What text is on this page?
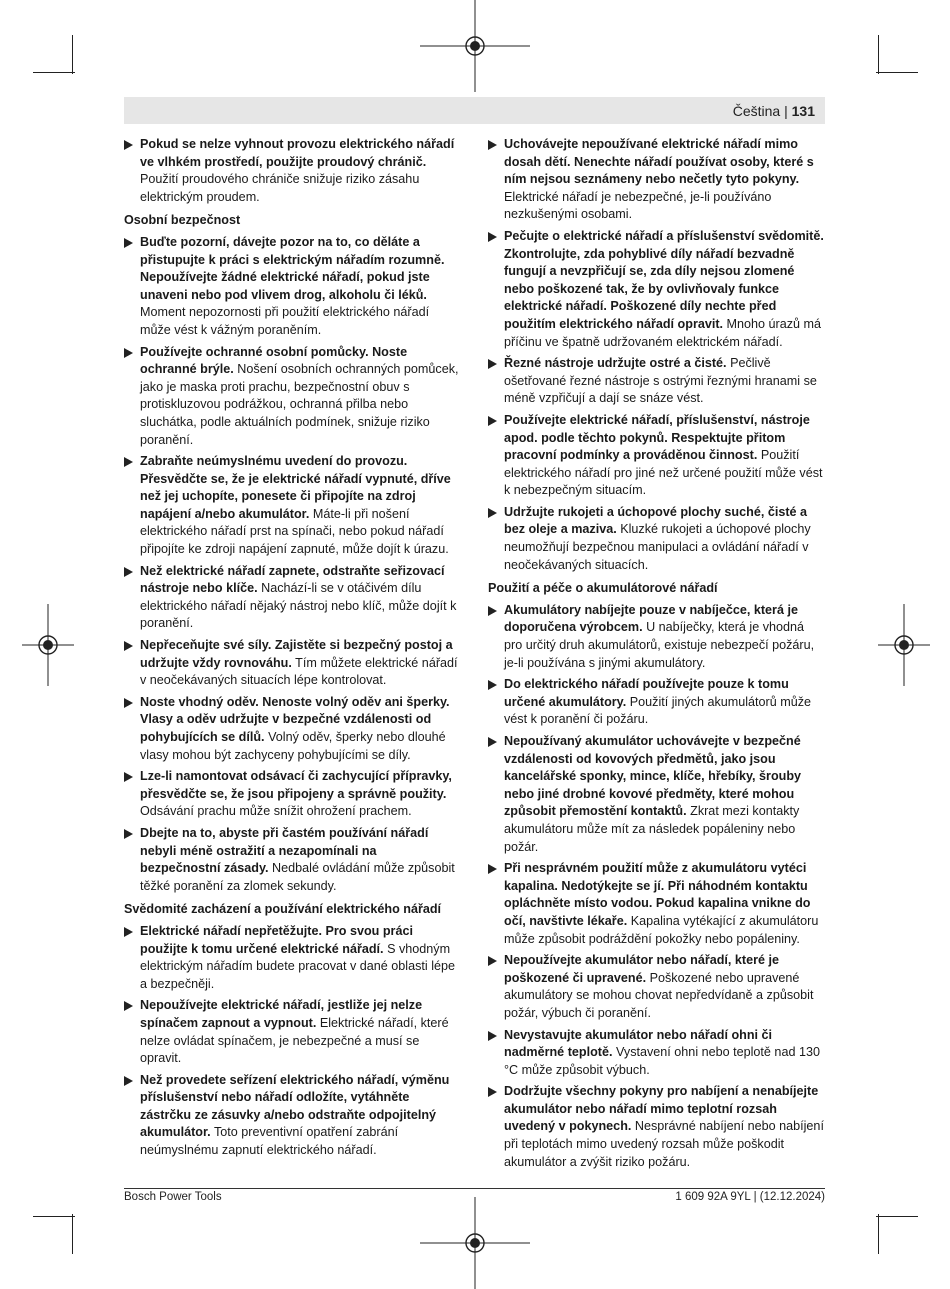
Čeština | 131
Pokud se nelze vyhnout provozu elektrického nářadí ve vlhkém prostředí, použijte proudový chránič. Použití proudového chrániče snižuje riziko zásahu elektrickým proudem.
Osobní bezpečnost
Buďte pozorní, dávejte pozor na to, co děláte a přistupujte k práci s elektrickým nářadím rozumně. Nepoužívejte žádné elektrické nářadí, pokud jste unaveni nebo pod vlivem drog, alkoholu či léků. Moment nepozornosti při použití elektrického nářadí může vést k vážným poraněním.
Používejte ochranné osobní pomůcky. Noste ochranné brýle. Nošení osobních ochranných pomůcek, jako je maska proti prachu, bezpečnostní obuv s protiskluzovou podrážkou, ochranná přilba nebo sluchátka, podle aktuálních podmínek, snižuje riziko poranění.
Zabraňte neúmyslnému uvedení do provozu. Přesvědčte se, že je elektrické nářadí vypnuté, dříve než jej uchopíte, ponesete či připojíte na zdroj napájení a/nebo akumulátor. Máte-li při nošení elektrického nářadí prst na spínači, nebo pokud nářadí připojíte ke zdroji napájení zapnuté, může dojít k úrazu.
Než elektrické nářadí zapnete, odstraňte seřizovací nástroje nebo klíče. Nachází-li se v otáčivém dílu elektrického nářadí nějaký nástroj nebo klíč, může dojít k poranění.
Nepřeceňujte své síly. Zajistěte si bezpečný postoj a udržujte vždy rovnováhu. Tím můžete elektrické nářadí v neočekávaných situacích lépe kontrolovat.
Noste vhodný oděv. Nenoste volný oděv ani šperky. Vlasy a oděv udržujte v bezpečné vzdálenosti od pohybujících se dílů. Volný oděv, šperky nebo dlouhé vlasy mohou být zachyceny pohybujícími se díly.
Lze-li namontovat odsávací či zachycující přípravky, přesvědčte se, že jsou připojeny a správně použity. Odsávání prachu může snížit ohrožení prachem.
Dbejte na to, abyste při častém používání nářadí nebyli méně ostražití a nezapomínali na bezpečnostní zásady. Nedbalé ovládání může způsobit těžké poranění za zlomek sekundy.
Svědomité zacházení a používání elektrického nářadí
Elektrické nářadí nepřetěžujte. Pro svou práci použijte k tomu určené elektrické nářadí. S vhodným elektrickým nářadím budete pracovat v dané oblasti lépe a bezpečněji.
Nepoužívejte elektrické nářadí, jestliže jej nelze spínačem zapnout a vypnout. Elektrické nářadí, které nelze ovládat spínačem, je nebezpečné a musí se opravit.
Než provedete seřízení elektrického nářadí, výměnu příslušenství nebo nářadí odložíte, vytáhněte zástrčku ze zásuvky a/nebo odstraňte odpojitelný akumulátor. Toto preventivní opatření zabrání neúmyslnému zapnutí elektrického nářadí.
Uchovávejte nepoužívané elektrické nářadí mimo dosah dětí. Nenechte nářadí používat osoby, které s ním nejsou seznámeny nebo nečetly tyto pokyny. Elektrické nářadí je nebezpečné, je-li používáno nezkušenými osobami.
Pečujte o elektrické nářadí a příslušenství svědomitě. Zkontrolujte, zda pohyblivé díly nářadí bezvadně fungují a nevzpřičují se, zda díly nejsou zlomené nebo poškozené tak, že by ovlivňovaly funkce elektrické nářadí. Poškozené díly nechte před použitím elektrického nářadí opravit. Mnoho úrazů má příčinu ve špatně udržovaném elektrickém nářadí.
Řezné nástroje udržujte ostré a čisté. Pečlivě ošetřované řezné nástroje s ostrými řeznými hranami se méně vzpřičují a dají se snáze vést.
Používejte elektrické nářadí, příslušenství, nástroje apod. podle těchto pokynů. Respektujte přitom pracovní podmínky a prováděnou činnost. Použití elektrického nářadí pro jiné než určené použití může vést k nebezpečným situacím.
Udržujte rukojeti a úchopové plochy suché, čisté a bez oleje a maziva. Kluzké rukojeti a úchopové plochy neumožňují bezpečnou manipulaci a ovládání nářadí v neočekávaných situacích.
Použití a péče o akumulátorové nářadí
Akumulátory nabíjejte pouze v nabíječce, která je doporučena výrobcem. U nabíječky, která je vhodná pro určitý druh akumulátorů, existuje nebezpečí požáru, je-li používána s jinými akumulátory.
Do elektrického nářadí používejte pouze k tomu určené akumulátory. Použití jiných akumulátorů může vést k poranění či požáru.
Nepoužívaný akumulátor uchovávejte v bezpečné vzdálenosti od kovových předmětů, jako jsou kancelářské sponky, mince, klíče, hřebíky, šrouby nebo jiné drobné kovové předměty, které mohou způsobit přemostění kontaktů. Zkrat mezi kontakty akumulátoru může mít za následek popáleniny nebo požár.
Při nesprávném použití může z akumulátoru vytéci kapalina. Nedotýkejte se jí. Při náhodném kontaktu opláchněte místo vodou. Pokud kapalina vnikne do očí, navštivte lékaře. Kapalina vytékající z akumulátoru může způsobit podráždění pokožky nebo popáleniny.
Nepoužívejte akumulátor nebo nářadí, které je poškozené či upravené. Poškozené nebo upravené akumulátory se mohou chovat nepředvídaně a způsobit požár, výbuch či poranění.
Nevystavujte akumulátor nebo nářadí ohni či nadměrné teplotě. Vystavení ohni nebo teplotě nad 130 °C může způsobit výbuch.
Dodržujte všechny pokyny pro nabíjení a nenabíjejte akumulátor nebo nářadí mimo teplotní rozsah uvedený v pokynech. Nesprávné nabíjení nebo nabíjení při teplotách mimo uvedený rozsah může poškodit akumulátor a zvýšit riziko požáru.
Bosch Power Tools	1 609 92A 9YL | (12.12.2024)
